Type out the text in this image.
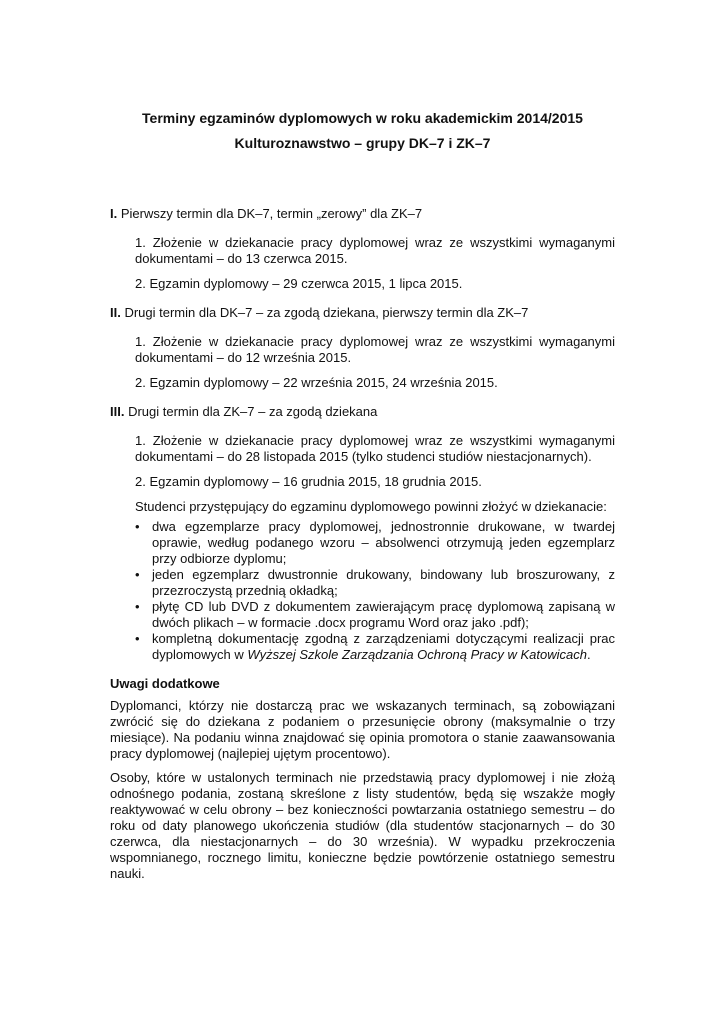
Terminy egzaminów dyplomowych w roku akademickim 2014/2015

Kulturoznawstwo – grupy DK–7 i ZK–7

I. Pierwszy termin dla DK–7, termin „zerowy” dla ZK–7

1. Złożenie w dziekanacie pracy dyplomowej wraz ze wszystkimi wymaganymi dokumentami – do 13 czerwca 2015.

2. Egzamin dyplomowy – 29 czerwca 2015, 1 lipca 2015.

II. Drugi termin dla DK–7 – za zgodą dziekana, pierwszy termin dla ZK–7

1. Złożenie w dziekanacie pracy dyplomowej wraz ze wszystkimi wymaganymi dokumentami – do 12 września 2015.

2. Egzamin dyplomowy – 22 września 2015, 24 września 2015.

III. Drugi termin dla ZK–7 – za zgodą dziekana

1. Złożenie w dziekanacie pracy dyplomowej wraz ze wszystkimi wymaganymi dokumentami – do 28 listopada 2015 (tylko studenci studiów niestacjonarnych).

2. Egzamin dyplomowy – 16 grudnia 2015, 18 grudnia 2015.

Studenci przystępujący do egzaminu dyplomowego powinni złożyć w dziekanacie:

• dwa egzemplarze pracy dyplomowej, jednostronnie drukowane, w twardej oprawie, według podanego wzoru – absolwenci otrzymują jeden egzemplarz przy odbiorze dyplomu;
• jeden egzemplarz dwustronnie drukowany, bindowany lub broszurowany, z przezroczystą przednią okładką;
• płytę CD lub DVD z dokumentem zawierającym pracę dyplomową zapisaną w dwóch plikach – w formacie .docx programu Word oraz jako .pdf);
• kompletną dokumentację zgodną z zarządzeniami dotyczącymi realizacji prac dyplomowych w Wyższej Szkole Zarządzania Ochroną Pracy w Katowicach.

Uwagi dodatkowe

Dyplomanci, którzy nie dostarczą prac we wskazanych terminach, są zobowiązani zwrócić się do dziekana z podaniem o przesunięcie obrony (maksymalnie o trzy miesiące). Na podaniu winna znajdować się opinia promotora o stanie zaawansowania pracy dyplomowej (najlepiej ujętym procentowo).

Osoby, które w ustalonych terminach nie przedstawią pracy dyplomowej i nie złożą odnośnego podania, zostaną skreślone z listy studentów, będą się wszakże mogły reaktywować w celu obrony – bez konieczności powtarzania ostatniego semestru – do roku od daty planowego ukończenia studiów (dla studentów stacjonarnych – do 30 czerwca, dla niestacjonarnych – do 30 września). W wypadku przekroczenia wspomnianego, rocznego limitu, konieczne będzie powtórzenie ostatniego semestru nauki.
